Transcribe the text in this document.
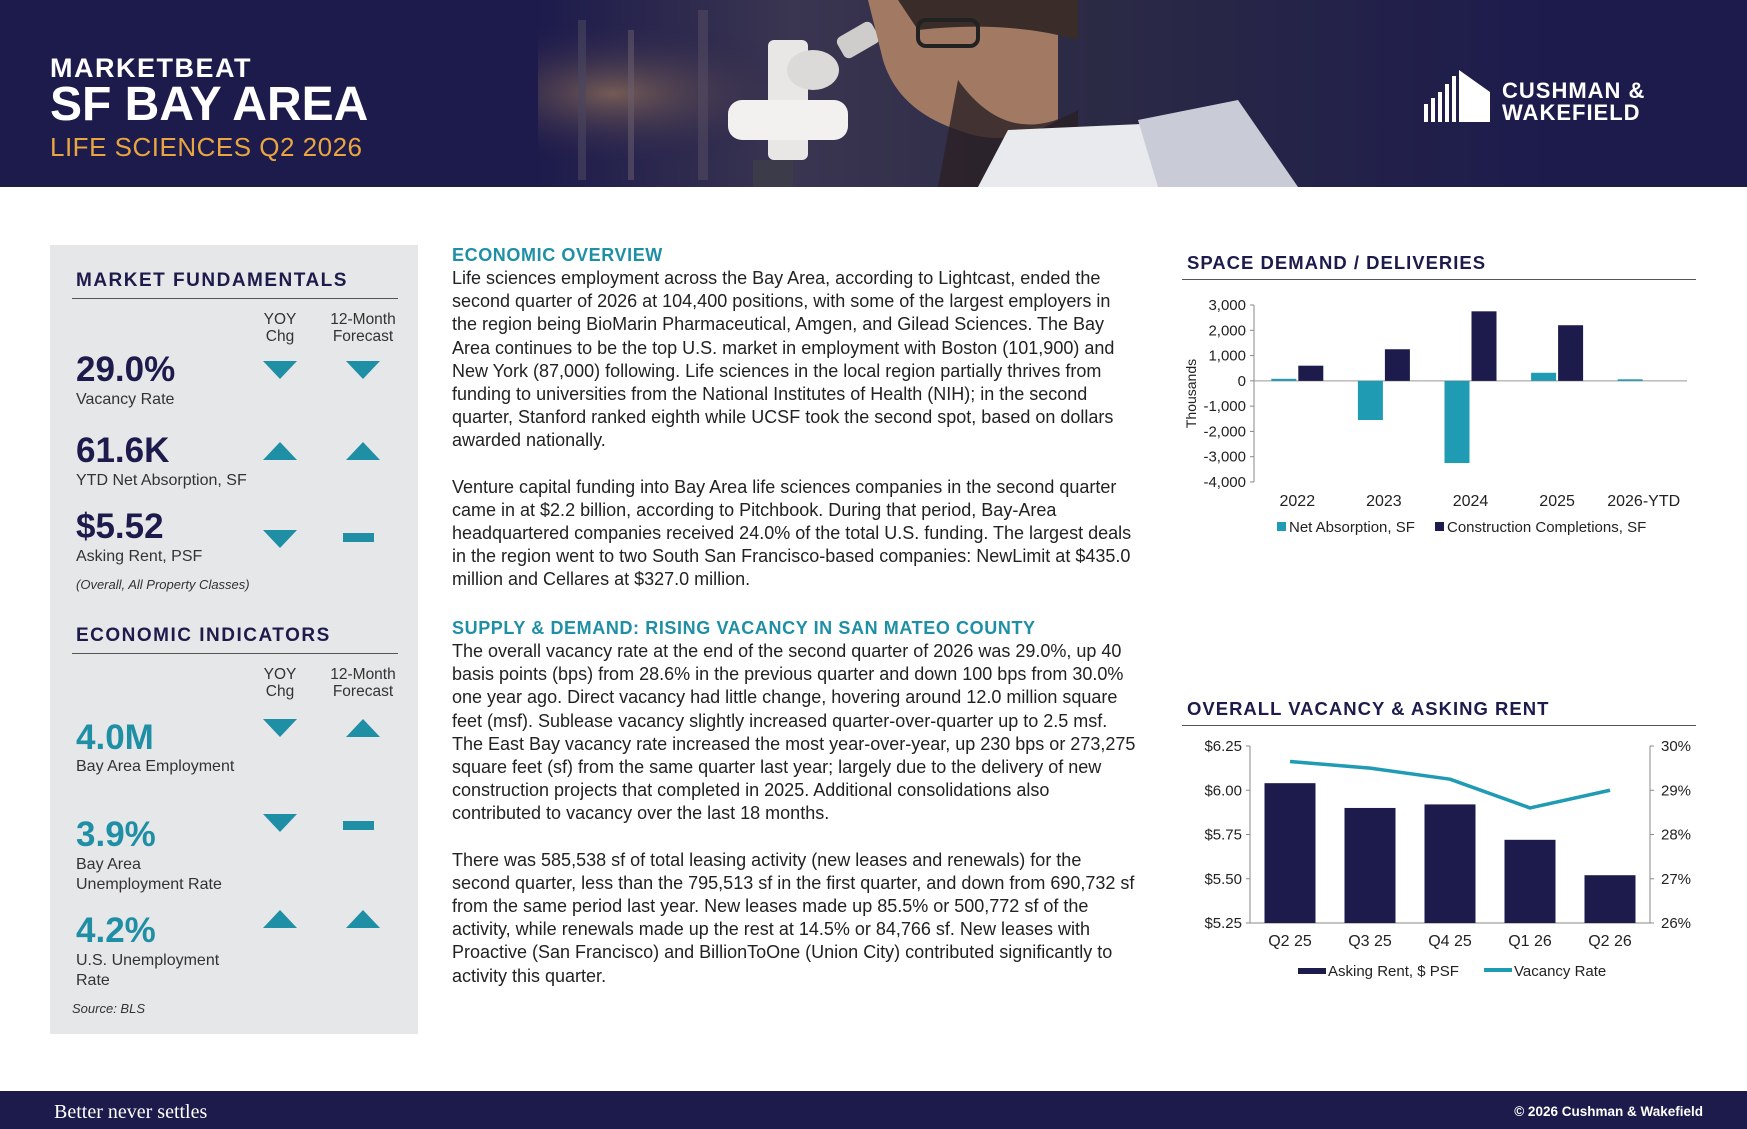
MARKETBEAT
SF BAY AREA
LIFE SCIENCES Q2 2026
CUSHMAN &
WAKEFIELD
MARKET FUNDAMENTALS
YOY
Chg
12-Month
Forecast
29.0%
Vacancy Rate
61.6K
YTD Net Absorption, SF
$5.52
Asking Rent, PSF
(Overall, All Property Classes)
ECONOMIC INDICATORS
YOY
Chg
12-Month
Forecast
4.0M
Bay Area Employment
3.9%
Bay Area
Unemployment Rate
4.2%
U.S. Unemployment
Rate
Source: BLS
ECONOMIC OVERVIEW
Life sciences employment across the Bay Area, according to Lightcast, ended the second quarter of 2026 at 104,400 positions, with some of the largest employers in the region being BioMarin Pharmaceutical, Amgen, and Gilead Sciences. The Bay Area continues to be the top U.S. market in employment with Boston (101,900) and New York (87,000) following. Life sciences in the local region partially thrives from funding to universities from the National Institutes of Health (NIH); in the second quarter, Stanford ranked eighth while UCSF took the second spot, based on dollars awarded nationally.
Venture capital funding into Bay Area life sciences companies in the second quarter came in at $2.2 billion, according to Pitchbook. During that period, Bay-Area headquartered companies received 24.0% of the total U.S. funding. The largest deals in the region went to two South San Francisco-based companies: NewLimit at $435.0 million and Cellares at $327.0 million.
SUPPLY & DEMAND: RISING VACANCY IN SAN MATEO COUNTY
The overall vacancy rate at the end of the second quarter of 2026 was 29.0%, up 40 basis points (bps) from 28.6% in the previous quarter and down 100 bps from 30.0% one year ago. Direct vacancy had little change, hovering around 12.0 million square feet (msf). Sublease vacancy slightly increased quarter-over-quarter up to 2.5 msf. The East Bay vacancy rate increased the most year-over-year, up 230 bps or 273,275 square feet (sf) from the same quarter last year; largely due to the delivery of new construction projects that completed in 2025. Additional consolidations also contributed to vacancy over the last 18 months.
There was 585,538 sf of total leasing activity (new leases and renewals) for the second quarter, less than the 795,513 sf in the first quarter, and down from 690,732 sf from the same period last year. New leases made up 85.5% or 500,772 sf of the activity, while renewals made up the rest at 14.5% or 84,766 sf. New leases with Proactive (San Francisco) and BillionToOne (Union City) contributed significantly to activity this quarter.
SPACE DEMAND / DELIVERIES
3,000
2,000
1,000
0
-1,000
-2,000
-3,000
-4,000
Thousands
2022	2023	2024	2025 2026-YTD
Net Absorption, SF Construction Completions, SF
OVERALL VACANCY & ASKING RENT
$6.25
$6.00
$5.75
$5.50
$5.25
30%
29%
28%
27%
26%
Q2 25 Q3 25 Q4 25 Q1 26 Q2 26
Asking Rent, $ PSF	Vacancy Rate
Better never settles	© 2026 Cushman & Wakefield
